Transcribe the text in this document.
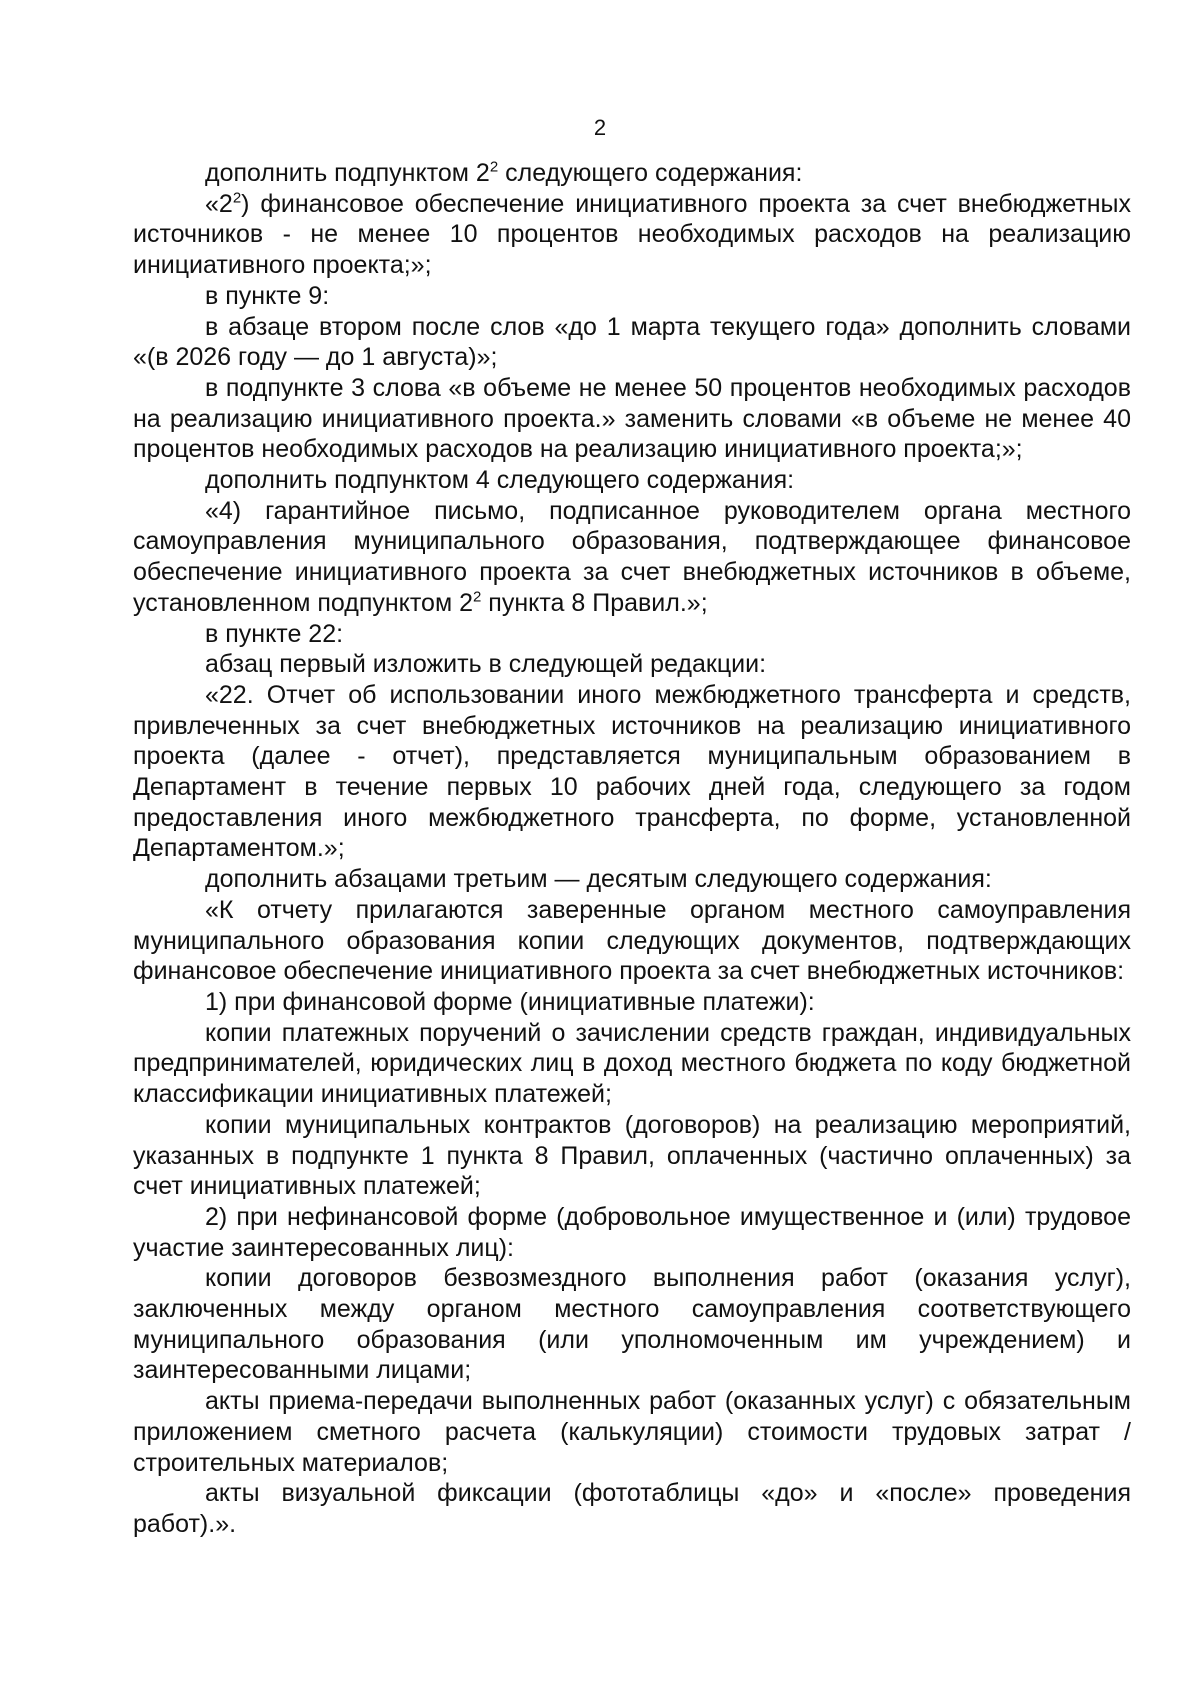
2

дополнить подпунктом $2^2$ следующего содержания:

«$2^2$) финансовое обеспечение инициативного проекта за счет внебюджетных источников - не менее 10 процентов необходимых расходов на реализацию инициативного проекта;»;

в пункте 9:

в абзаце втором после слов «до 1 марта текущего года» дополнить словами «(в 2026 году — до 1 августа)»;

в подпункте 3 слова «в объеме не менее 50 процентов необходимых расходов на реализацию инициативного проекта.» заменить словами «в объеме не менее 40 процентов необходимых расходов на реализацию инициативного проекта;»;

дополнить подпунктом 4 следующего содержания:

«4) гарантийное письмо, подписанное руководителем органа местного самоуправления муниципального образования, подтверждающее финансовое обеспечение инициативного проекта за счет внебюджетных источников в объеме, установленном подпунктом $2^2$ пункта 8 Правил.»;

в пункте 22:

абзац первый изложить в следующей редакции:

«22. Отчет об использовании иного межбюджетного трансферта и средств, привлеченных за счет внебюджетных источников на реализацию инициативного проекта (далее - отчет), представляется муниципальным образованием в Департамент в течение первых 10 рабочих дней года, следующего за годом предоставления иного межбюджетного трансферта, по форме, установленной Департаментом.»;

дополнить абзацами третьим — десятым следующего содержания:

«К отчету прилагаются заверенные органом местного самоуправления муниципального образования копии следующих документов, подтверждающих финансовое обеспечение инициативного проекта за счет внебюджетных источников:

1) при финансовой форме (инициативные платежи):

копии платежных поручений о зачислении средств граждан, индивидуальных предпринимателей, юридических лиц в доход местного бюджета по коду бюджетной классификации инициативных платежей;

копии муниципальных контрактов (договоров) на реализацию мероприятий, указанных в подпункте 1 пункта 8 Правил, оплаченных (частично оплаченных) за счет инициативных платежей;

2) при нефинансовой форме (добровольное имущественное и (или) трудовое участие заинтересованных лиц):

копии договоров безвозмездного выполнения работ (оказания услуг), заключенных между органом местного самоуправления соответствующего муниципального образования (или уполномоченным им учреждением) и заинтересованными лицами;

акты приема-передачи выполненных работ (оказанных услуг) с обязательным приложением сметного расчета (калькуляции) стоимости трудовых затрат / строительных материалов;

акты визуальной фиксации (фототаблицы «до» и «после» проведения работ).».
